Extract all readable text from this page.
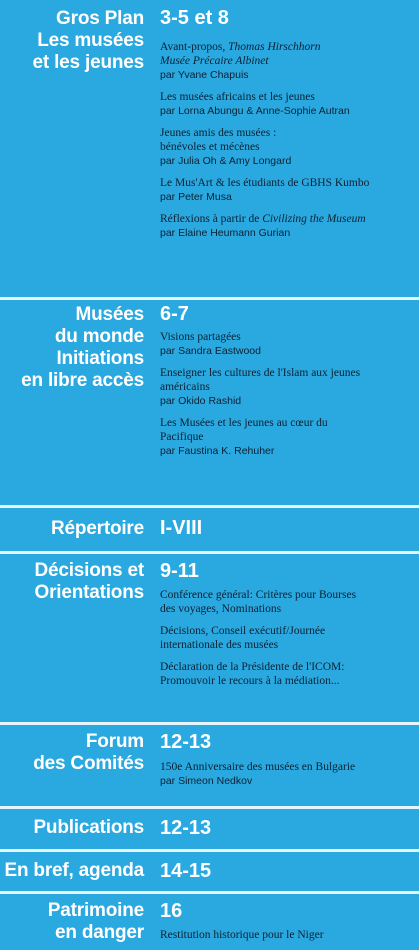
Gros Plan
Les musées
et les jeunes
3-5 et 8
Avant-propos, Thomas Hirschhorn
Musée Précaire Albinet
par Yvane Chapuis
Les musées africains et les jeunes
par Lorna Abungu & Anne-Sophie Autran
Jeunes amis des musées :
bénévoles et mécènes
par Julia Oh & Amy Longard
Le Mus'Art & les étudiants de GBHS Kumbo
par Peter Musa
Réflexions à partir de Civilizing the Museum
par Elaine Heumann Gurian
Musées
du monde
Initiations
en libre accès
6-7
Visions partagées
par Sandra Eastwood
Enseigner les cultures de l'Islam aux jeunes
américains
par Okido Rashid
Les Musées et les jeunes au cœur du
Pacifique
par Faustina K. Rehuher
Répertoire I-VIII
Décisions et
Orientations
9-11
Conférence général: Critères pour Bourses
des voyages, Nominations
Décisions, Conseil exécutif/Journée
internationale des musées
Déclaration de la Présidente de l'ICOM:
Promouvoir le recours à la médiation...
Forum
des Comités
12-13
150e Anniversaire des musées en Bulgarie
par Simeon Nedkov
Publications 12-13
En bref, agenda 14-15
Patrimoine
en danger
16
Restitution historique pour le Niger
